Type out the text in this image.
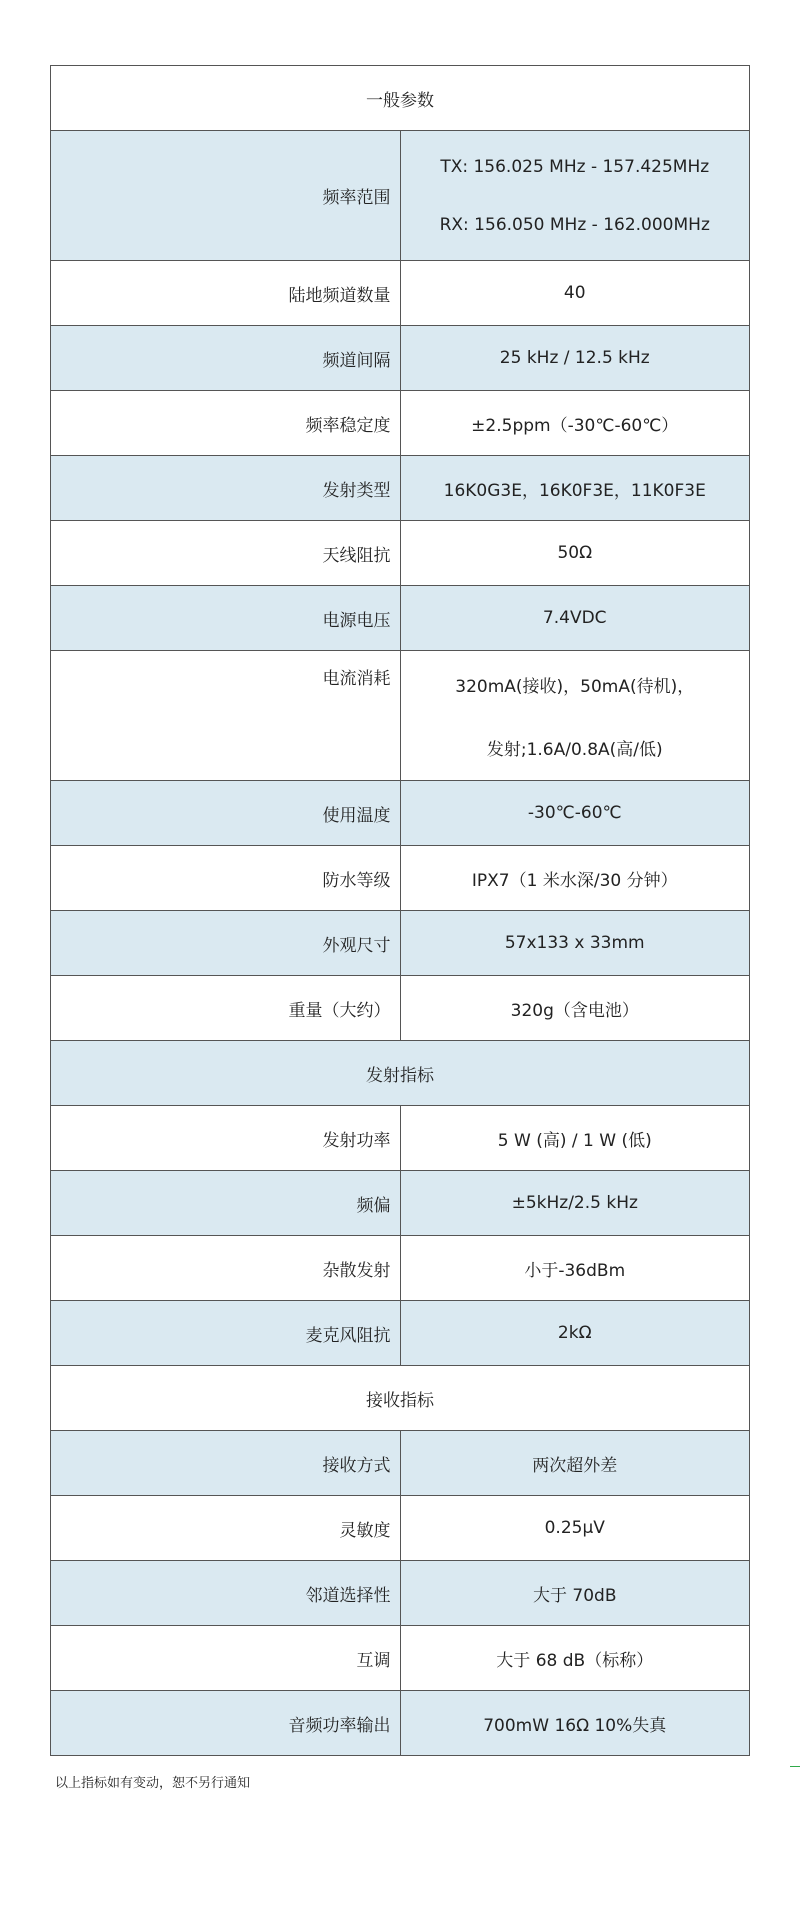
一般参数	
频率范围	TX: 156.025 MHz - 157.425MHz
RX: 156.050 MHz - 162.000MHz

陆地频道数量	40
频道间隔	25 kHz / 12.5 kHz
频率稳定度	±2.5ppm（-30℃-60℃）
发射类型	16K0G3E，16K0F3E，11K0F3E
天线阻抗	50Ω
电源电压	7.4VDC
电流消耗	320mA(接收)，50mA(待机)，
发射;1.6A/0.8A(高/低)

使用温度	-30℃-60℃
防水等级	IPX7（1 米水深/30 分钟）
外观尺寸	57x133 x 33mm
重量（大约）	320g（含电池）
发射指标	
发射功率	5 W (高) / 1 W (低)
频偏	±5kHz/2.5 kHz
杂散发射	小于-36dBm
麦克风阻抗	2kΩ
接收指标	
接收方式	两次超外差
灵敏度	0.25μV
邻道选择性	大于 70dB
互调	大于 68 dB（标称）
音频功率输出	700mW 16Ω 10%失真
以上指标如有变动，恕不另行通知
